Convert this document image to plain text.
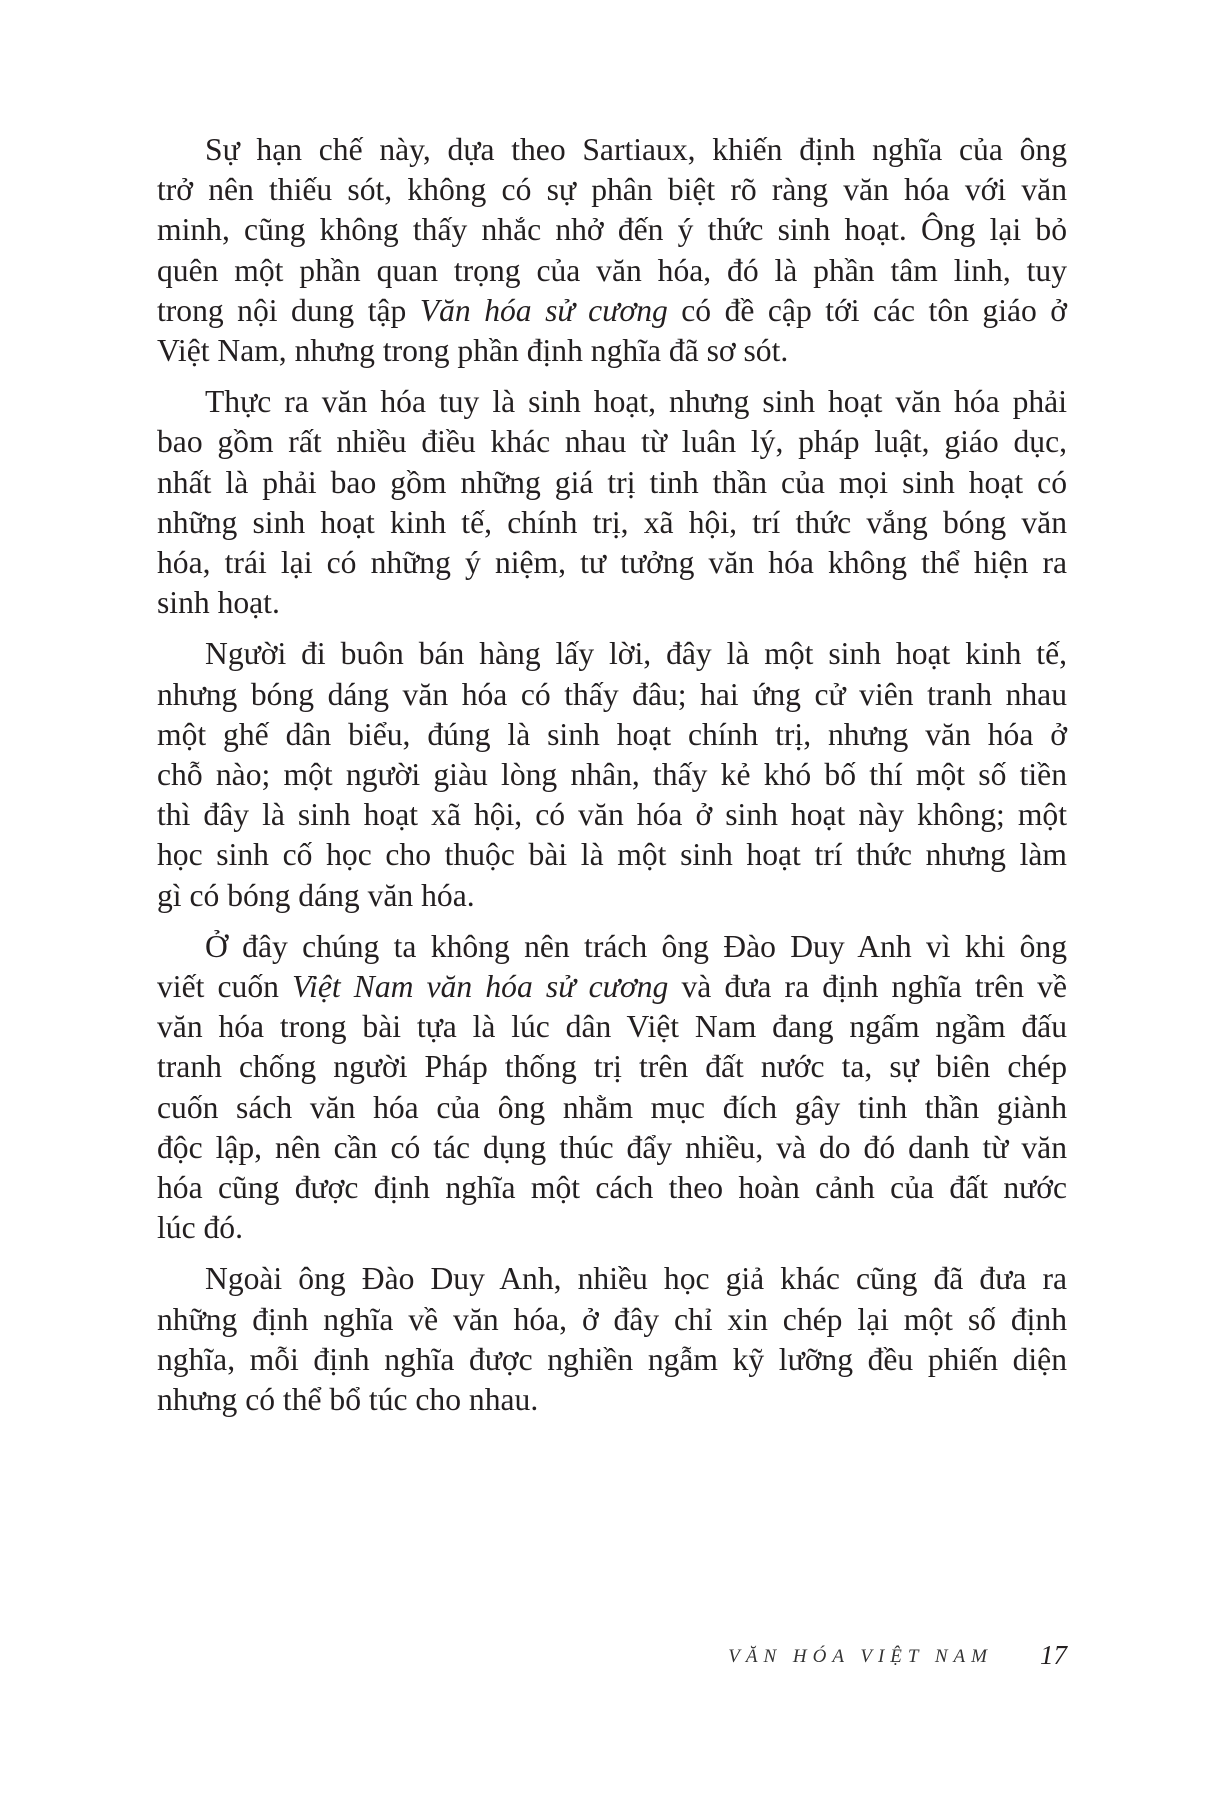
Sự hạn chế này, dựa theo Sartiaux, khiến định nghĩa của ông
trở nên thiếu sót, không có sự phân biệt rõ ràng văn hóa với văn
minh, cũng không thấy nhắc nhở đến ý thức sinh hoạt. Ông lại bỏ
quên một phần quan trọng của văn hóa, đó là phần tâm linh, tuy
trong nội dung tập Văn hóa sử cương có đề cập tới các tôn giáo ở
Việt Nam, nhưng trong phần định nghĩa đã sơ sót.

Thực ra văn hóa tuy là sinh hoạt, nhưng sinh hoạt văn hóa phải
bao gồm rất nhiều điều khác nhau từ luân lý, pháp luật, giáo dục,
nhất là phải bao gồm những giá trị tinh thần của mọi sinh hoạt có
những sinh hoạt kinh tế, chính trị, xã hội, trí thức vắng bóng văn
hóa, trái lại có những ý niệm, tư tưởng văn hóa không thể hiện ra
sinh hoạt.

Người đi buôn bán hàng lấy lời, đây là một sinh hoạt kinh tế,
nhưng bóng dáng văn hóa có thấy đâu; hai ứng cử viên tranh nhau
một ghế dân biểu, đúng là sinh hoạt chính trị, nhưng văn hóa ở
chỗ nào; một người giàu lòng nhân, thấy kẻ khó bố thí một số tiền
thì đây là sinh hoạt xã hội, có văn hóa ở sinh hoạt này không; một
học sinh cố học cho thuộc bài là một sinh hoạt trí thức nhưng làm
gì có bóng dáng văn hóa.

Ở đây chúng ta không nên trách ông Đào Duy Anh vì khi ông
viết cuốn Việt Nam văn hóa sử cương và đưa ra định nghĩa trên về
văn hóa trong bài tựa là lúc dân Việt Nam đang ngấm ngầm đấu
tranh chống người Pháp thống trị trên đất nước ta, sự biên chép
cuốn sách văn hóa của ông nhằm mục đích gây tinh thần giành
độc lập, nên cần có tác dụng thúc đẩy nhiều, và do đó danh từ văn
hóa cũng được định nghĩa một cách theo hoàn cảnh của đất nước
lúc đó.

Ngoài ông Đào Duy Anh, nhiều học giả khác cũng đã đưa ra
những định nghĩa về văn hóa, ở đây chỉ xin chép lại một số định
nghĩa, mỗi định nghĩa được nghiền ngẫm kỹ lưỡng đều phiến diện
nhưng có thể bổ túc cho nhau.

VĂN HÓA VIỆT NAM 17
